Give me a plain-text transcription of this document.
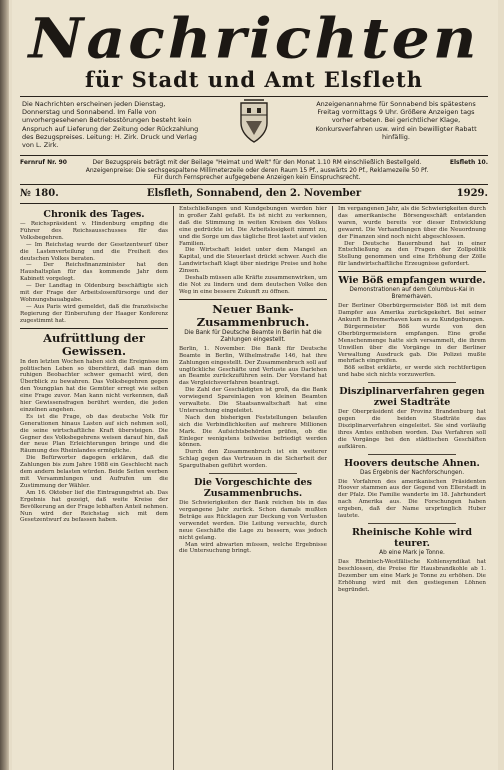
Nachrichten
für Stadt und Amt Elsfleth
Die Nachrichten erscheinen jeden Dienstag, Donnerstag und Sonnabend. Im Falle von unvorhergesehenen Betriebsstörungen besteht kein Anspruch auf Lieferung der Zeitung oder Rückzahlung des Bezugspreises. Leitung: H. Zirk. Druck und Verlag von L. Zirk.
Anzeigenannahme für Sonnabend bis spätestens Freitag vormittags 9 Uhr. Größere Anzeigen tags vorher erbeten. Bei gerichtlicher Klage, Konkursverfahren usw. wird ein bewilligter Rabatt hinfällig.
Fernruf Nr. 90	Der Bezugspreis beträgt mit der Beilage "Heimat und Welt" für den Monat 1.10 RM einschließlich Bestellgeld. Anzeigenpreise: Die sechsgespaltene Millimeterzeile oder deren Raum 15 Pf., auswärts 20 Pf., Reklamezeile 50 Pf. Für durch Fernsprecher aufgegebene Anzeigen kein Einspruchsrecht.
Elsfleth 10.
№ 180.	Elsfleth, Sonnabend, den 2. November	1929.
Chronik des Tages.
— Reichspräsident v. Hindenburg empfing die Führer des Reichsausschusses für das Volksbegehren.
— Im Reichstag wurde der Gesetzentwurf über die Lastenverteilung und die Freiheit des deutschen Volkes beraten.
— Der Reichsfinanzminister hat den Haushaltsplan für das kommende Jahr dem Kabinett vorgelegt.
— Der Landtag in Oldenburg beschäftigte sich mit der Frage der Arbeitslosenfürsorge und der Wohnungsbauabgabe.
— Aus Paris wird gemeldet, daß die französische Regierung der Einberufung der Haager Konferenz zugestimmt hat.
Aufrüttlung der Gewissen.
In den letzten Wochen haben sich die Ereignisse im politischen Leben so überstürzt, daß man dem ruhigen Beobachter schwer gemacht wird, den Überblick zu bewahren. Das Volksbegehren gegen den Youngplan hat die Gemüter erregt wie selten eine Frage zuvor. Man kann nicht verkennen, daß hier Gewissensfragen berührt werden, die jeden einzelnen angehen.
Es ist die Frage, ob das deutsche Volk für Generationen hinaus Lasten auf sich nehmen soll, die seine wirtschaftliche Kraft übersteigen. Die Gegner des Volksbegehrens weisen darauf hin, daß der neue Plan Erleichterungen bringe und die Räumung des Rheinlandes ermögliche.
Die Befürworter dagegen erklären, daß die Zahlungen bis zum Jahre 1988 ein Geschlecht nach dem andern belasten würden. Beide Seiten werben mit Versammlungen und Aufrufen um die Zustimmung der Wähler.
Am 16. Oktober lief die Eintragungsfrist ab. Das Ergebnis hat gezeigt, daß weite Kreise der Bevölkerung an der Frage lebhaften Anteil nehmen. Nun wird der Reichstag sich mit dem Gesetzentwurf zu befassen haben.
Entschließungen und Kundgebungen werden hier in großer Zahl gefaßt. Es ist nicht zu verkennen, daß die Stimmung in weiten Kreisen des Volkes eine gedrückte ist. Die Arbeitslosigkeit nimmt zu, und die Sorge um das tägliche Brot lastet auf vielen Familien.
Die Wirtschaft leidet unter dem Mangel an Kapital, und die Steuerlast drückt schwer. Auch die Landwirtschaft klagt über niedrige Preise und hohe Zinsen.
Deshalb müssen alle Kräfte zusammenwirken, um die Not zu lindern und dem deutschen Volke den Weg in eine bessere Zukunft zu öffnen.
Neuer Bank-Zusammenbruch.
Die Bank für Deutsche Beamte in Berlin hat die Zahlungen eingestellt.
Berlin, 1. November. Die Bank für Deutsche Beamte in Berlin, Wilhelmstraße 146, hat ihre Zahlungen eingestellt. Der Zusammenbruch soll auf unglückliche Geschäfte und Verluste aus Darlehen an Beamte zurückzuführen sein. Der Vorstand hat das Vergleichsverfahren beantragt.
Die Zahl der Geschädigten ist groß, da die Bank vorwiegend Spareinlagen von kleinen Beamten verwaltete. Die Staatsanwaltschaft hat eine Untersuchung eingeleitet.
Nach den bisherigen Feststellungen belaufen sich die Verbindlichkeiten auf mehrere Millionen Mark. Die Aufsichtsbehörden prüfen, ob die Einleger wenigstens teilweise befriedigt werden können.
Durch den Zusammenbruch ist ein weiterer Schlag gegen das Vertrauen in die Sicherheit der Sparguthaben geführt worden.
Die Vorgeschichte des Zusammenbruchs.
Die Schwierigkeiten der Bank reichen bis in das vergangene Jahr zurück. Schon damals mußten Beträge aus Rücklagen zur Deckung von Verlusten verwendet werden. Die Leitung versuchte, durch neue Geschäfte die Lage zu bessern, was jedoch nicht gelang.
Man wird abwarten müssen, welche Ergebnisse die Untersuchung bringt.
Im vergangenen Jahr, als die Schwierigkeiten durch das amerikanische Börsengeschäft entstanden waren, wurde bereits vor dieser Entwicklung gewarnt. Die Verhandlungen über die Neuordnung der Finanzen sind noch nicht abgeschlossen.
Der Deutsche Bauernbund hat in einer Entschließung zu den Fragen der Zollpolitik Stellung genommen und eine Erhöhung der Zölle für landwirtschaftliche Erzeugnisse gefordert.
Wie Böß empfangen wurde.
Demonstrationen auf dem Columbus-Kai in Bremerhaven.
Der Berliner Oberbürgermeister Böß ist mit dem Dampfer aus Amerika zurückgekehrt. Bei seiner Ankunft in Bremerhaven kam es zu Kundgebungen.
Bürgermeister Böß wurde von den Oberbürgermeistern empfangen. Eine große Menschenmenge hatte sich versammelt, die ihrem Unwillen über die Vorgänge in der Berliner Verwaltung Ausdruck gab. Die Polizei mußte mehrfach eingreifen.
Böß selbst erklärte, er werde sich rechtfertigen und habe sich nichts vorzuwerfen.
Disziplinarverfahren gegen zwei Stadträte
Der Oberpräsident der Provinz Brandenburg hat gegen die beiden Stadträte das Disziplinarverfahren eingeleitet. Sie sind vorläufig ihres Amtes enthoben worden. Das Verfahren soll die Vorgänge bei den städtischen Geschäften aufklären.
Hoovers deutsche Ahnen.
Das Ergebnis der Nachforschungen.
Die Vorfahren des amerikanischen Präsidenten Hoover stammen aus der Gegend von Ellerstadt in der Pfalz. Die Familie wanderte im 18. Jahrhundert nach Amerika aus. Die Forschungen haben ergeben, daß der Name ursprünglich Huber lautete.
Rheinische Kohle wird teurer.
Ab eine Mark je Tonne.
Das Rheinisch-Westfälische Kohlensyndikat hat beschlossen, die Preise für Hausbrandkohle ab 1. Dezember um eine Mark je Tonne zu erhöhen. Die Erhöhung wird mit den gestiegenen Löhnen begründet.
